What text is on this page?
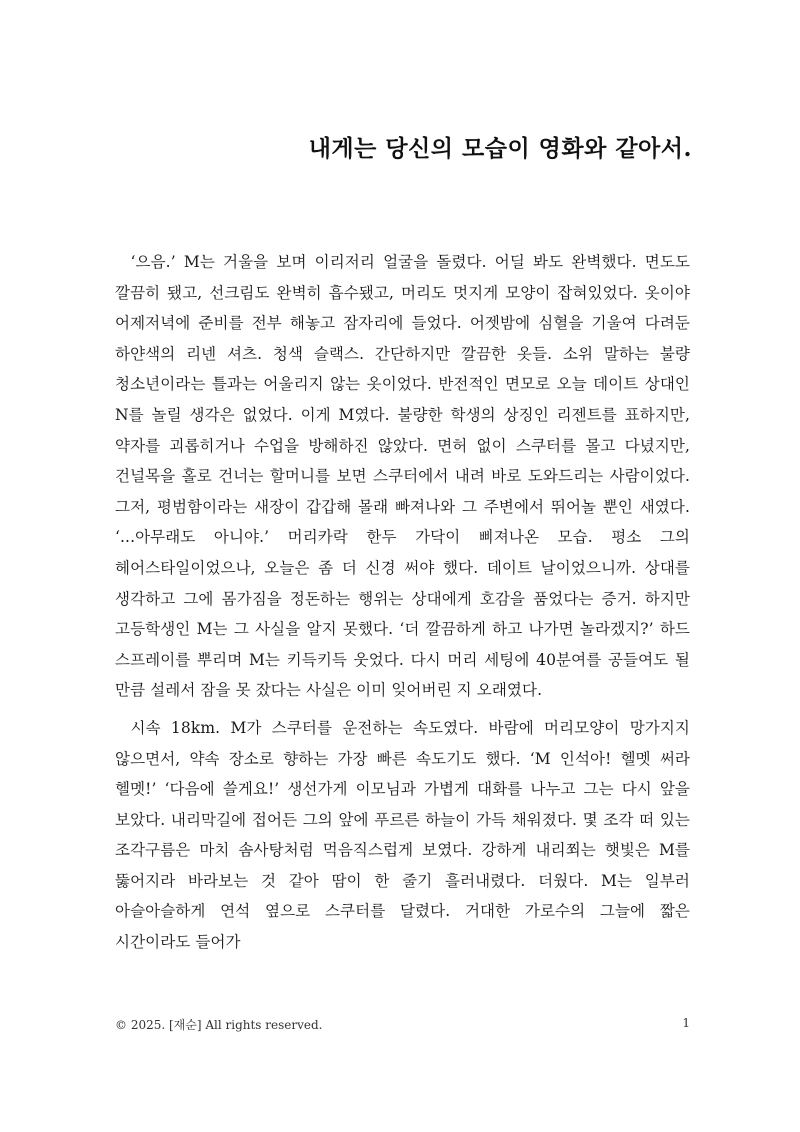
내게는 당신의 모습이 영화와 같아서.

‘으음.’ M는 거울을 보며 이리저리 얼굴을 돌렸다. 어딜 봐도 완벽했다. 면도도 깔끔히 됐고, 선크림도 완벽히 흡수됐고, 머리도 멋지게 모양이 잡혀있었다. 옷이야 어제저녁에 준비를 전부 해놓고 잠자리에 들었다. 어젯밤에 심혈을 기울여 다려둔 하얀색의 리넨 셔츠. 청색 슬랙스. 간단하지만 깔끔한 옷들. 소위 말하는 불량 청소년이라는 틀과는 어울리지 않는 옷이었다. 반전적인 면모로 오늘 데이트 상대인 N를 놀릴 생각은 없었다. 이게 M였다. 불량한 학생의 상징인 리젠트를 표하지만, 약자를 괴롭히거나 수업을 방해하진 않았다. 면허 없이 스쿠터를 몰고 다녔지만, 건널목을 홀로 건너는 할머니를 보면 스쿠터에서 내려 바로 도와드리는 사람이었다. 그저, 평범함이라는 새장이 갑갑해 몰래 빠져나와 그 주변에서 뛰어놀 뿐인 새였다. ‘...아무래도 아니야.’ 머리카락 한두 가닥이 삐져나온 모습. 평소 그의 헤어스타일이었으나, 오늘은 좀 더 신경 써야 했다. 데이트 날이었으니까. 상대를 생각하고 그에 몸가짐을 정돈하는 행위는 상대에게 호감을 품었다는 증거. 하지만 고등학생인 M는 그 사실을 알지 못했다. ‘더 깔끔하게 하고 나가면 놀라겠지?’ 하드 스프레이를 뿌리며 M는 키득키득 웃었다. 다시 머리 세팅에 40분여를 공들여도 될 만큼 설레서 잠을 못 잤다는 사실은 이미 잊어버린 지 오래였다.

시속 18km. M가 스쿠터를 운전하는 속도였다. 바람에 머리모양이 망가지지 않으면서, 약속 장소로 향하는 가장 빠른 속도기도 했다. ‘M 인석아! 헬멧 써라 헬멧!’ ‘다음에 쓸게요!’ 생선가게 이모님과 가볍게 대화를 나누고 그는 다시 앞을 보았다. 내리막길에 접어든 그의 앞에 푸르른 하늘이 가득 채워졌다. 몇 조각 떠 있는 조각구름은 마치 솜사탕처럼 먹음직스럽게 보였다. 강하게 내리쬐는 햇빛은 M를 뚫어지라 바라보는 것 같아 땀이 한 줄기 흘러내렸다. 더웠다. M는 일부러 아슬아슬하게 연석 옆으로 스쿠터를 달렸다. 거대한 가로수의 그늘에 짧은 시간이라도 들어가

© 2025. [재순] All rights reserved.	1
